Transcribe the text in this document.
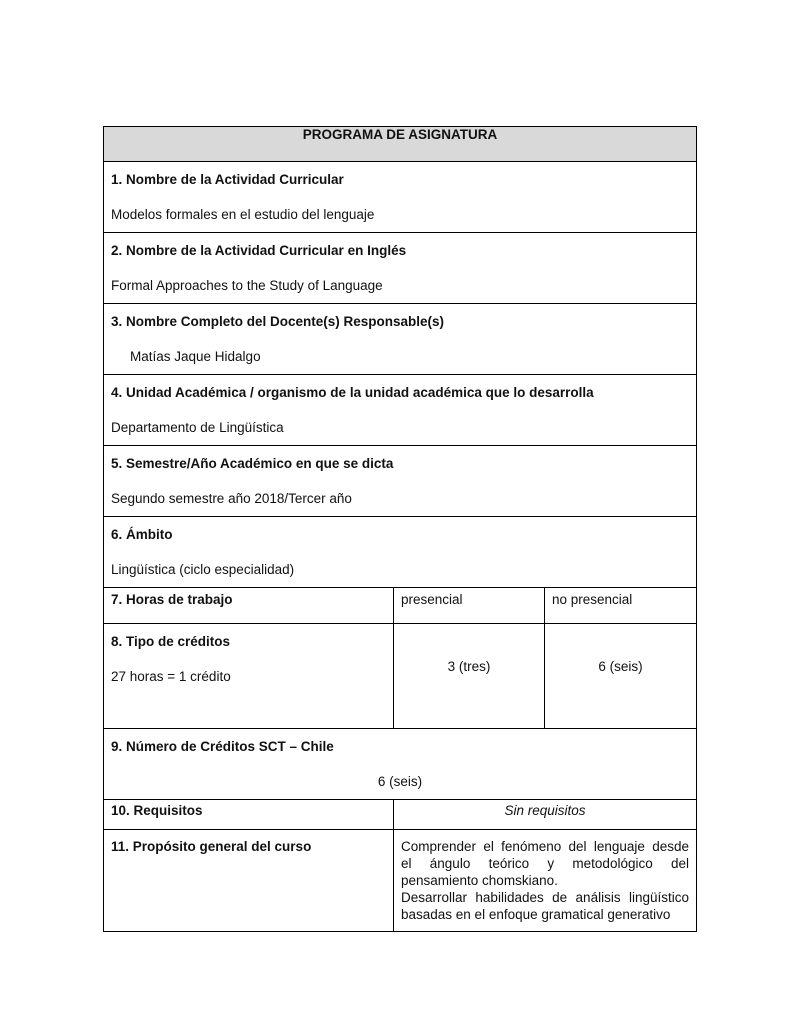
PROGRAMA DE ASIGNATURA		

1. Nombre de la Actividad Curricular
Modelos formales en el estudio del lenguaje		

2. Nombre de la Actividad Curricular en Inglés
Formal Approaches to the Study of Language		

3. Nombre Completo del Docente(s) Responsable(s)
Matías Jaque Hidalgo		

4. Unidad Académica / organismo de la unidad académica que lo desarrolla
Departamento de Lingüística		

5. Semestre/Año Académico en que se dicta
Segundo semestre año 2018/Tercer año		

6. Ámbito
Lingüística (ciclo especialidad)		

7. Horas de trabajo	presencial	no presencial

8. Tipo de créditos
27 horas = 1 crédito	3 (tres)	6 (seis)

9. Número de Créditos SCT – Chile
6 (seis)		

10. Requisitos	Sin requisitos	

11. Propósito general del curso	Comprender el fenómeno del lenguaje desde
el ángulo teórico y metodológico del
pensamiento chomskiano.
Desarrollar habilidades de análisis lingüístico
basadas en el enfoque gramatical generativo	
